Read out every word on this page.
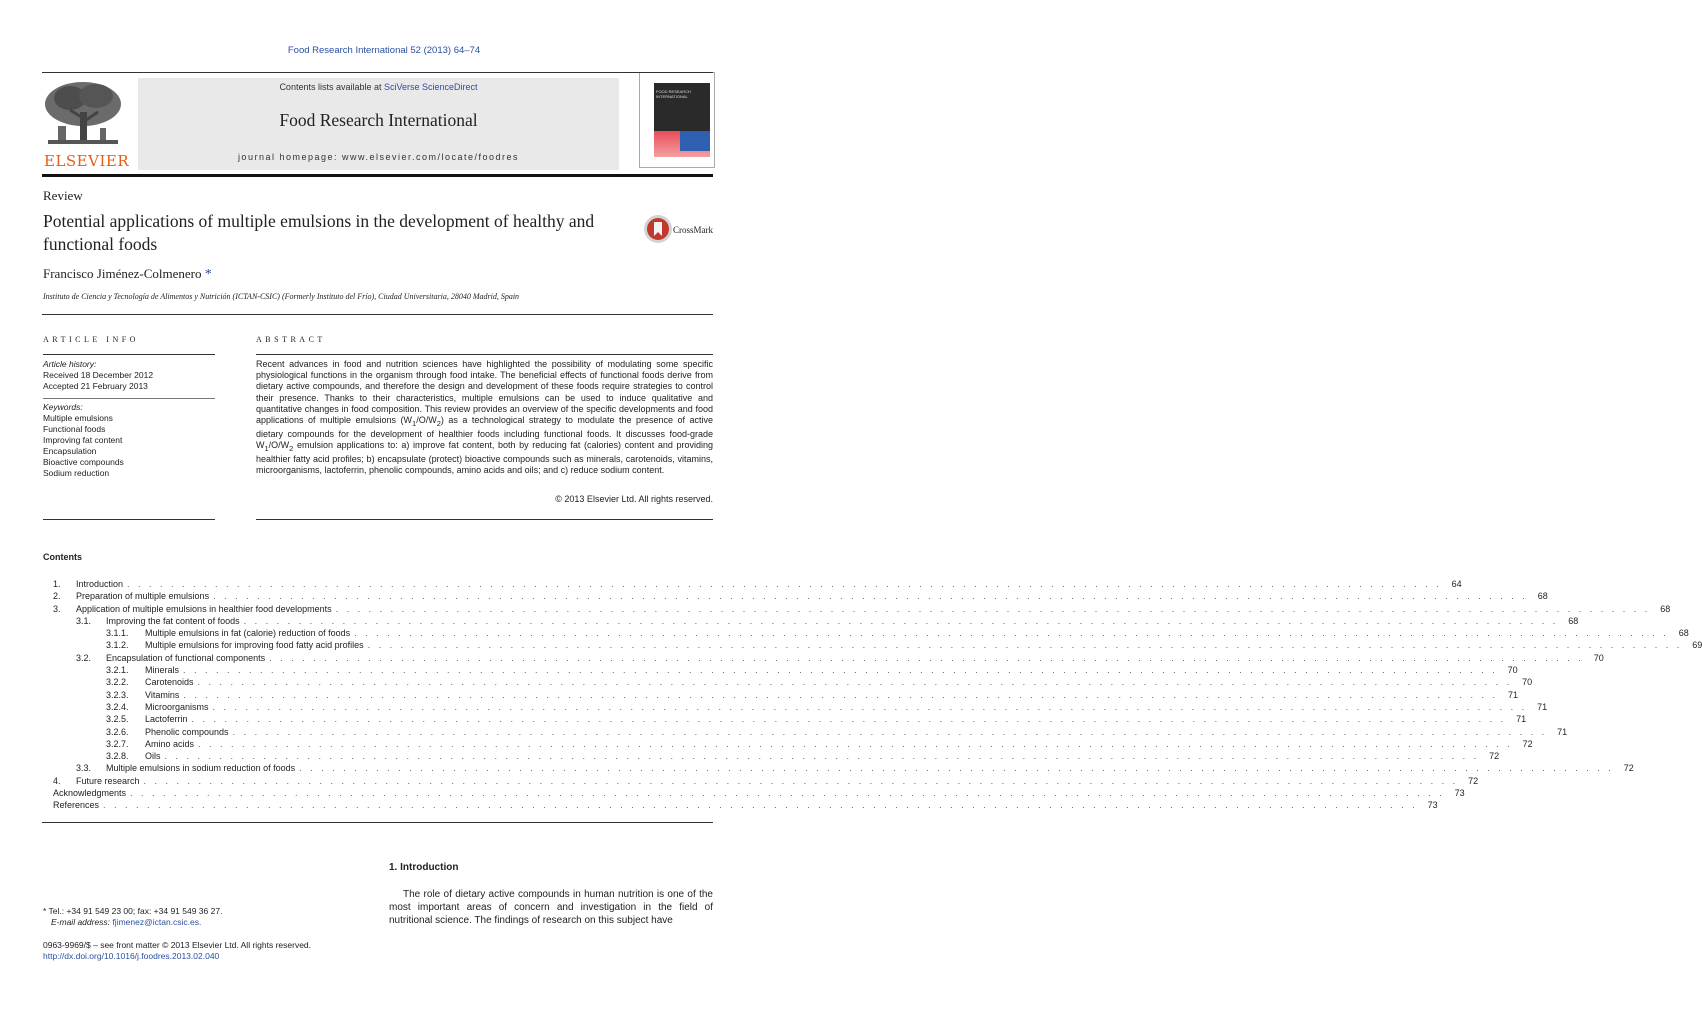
Food Research International 52 (2013) 64–74
ELSEVIER
Contents lists available at SciVerse ScienceDirect
Food Research International
journal homepage: www.elsevier.com/locate/foodres
FOOD RESEARCH INTERNATIONAL
Review
Potential applications of multiple emulsions in the development of healthy and functional foods
CrossMark
Francisco Jiménez-Colmenero *
Instituto de Ciencia y Tecnología de Alimentos y Nutrición (ICTAN-CSIC) (Formerly Instituto del Frío), Ciudad Universitaria, 28040 Madrid, Spain
ARTICLE INFO
Article history:
Received 18 December 2012
Accepted 21 February 2013
Keywords:
Multiple emulsions
Functional foods
Improving fat content
Encapsulation
Bioactive compounds
Sodium reduction
ABSTRACT
Recent advances in food and nutrition sciences have highlighted the possibility of modulating some specific physiological functions in the organism through food intake. The beneficial effects of functional foods derive from dietary active compounds, and therefore the design and development of these foods require strategies to control their presence. Thanks to their characteristics, multiple emulsions can be used to induce qualitative and quantitative changes in food composition. This review provides an overview of the specific developments and food applications of multiple emulsions $(W_1/O/W_2)$ as a technological strategy to modulate the presence of active dietary compounds for the development of healthier foods including functional foods. It discusses food-grade $W_1/O/W_2$ emulsion applications to: a) improve fat content, both by reducing fat (calories) content and providing healthier fatty acid profiles; b) encapsulate (protect) bioactive compounds such as minerals, carotenoids, vitamins, microorganisms, lactoferrin, phenolic compounds, amino acids and oils; and c) reduce sodium content.
© 2013 Elsevier Ltd. All rights reserved.
Contents
1.	Introduction . . . . . . . . . . . . . . . . . . . . . . . . . . . . . . . . . . . . . . . . . . . . . . . . . . . . . . . . . . . . . . . . . . . . . . . . . . . . . . . . . . . . . . . . . . . . . . . . . . . . . . . . . . . . . . . . . . . . . . . .	64
2.	Preparation of multiple emulsions . . . . . . . . . . . . . . . . . . . . . . . . . . . . . . . . . . . . . . . . . . . . . . . . . . . . . . . . . . . . . . . . . . . . . . . . . . . . . . . . . . . . . . . . . . . . . . . . . . . . . . . . . . . . . . . . . . . . . . . .	68
3.	Application of multiple emulsions in healthier food developments . . . . . . . . . . . . . . . . . . . . . . . . . . . . . . . . . . . . . . . . . . . . . . . . . . . . . . . . . . . . . . . . . . . . . . . . . . . . . . . . . . . . . . . . . . . . . . . . . . . . . . . . . . . . . . . . . . . . . . . .	68
3.1.	Improving the fat content of foods . . . . . . . . . . . . . . . . . . . . . . . . . . . . . . . . . . . . . . . . . . . . . . . . . . . . . . . . . . . . . . . . . . . . . . . . . . . . . . . . . . . . . . . . . . . . . . . . . . . . . . . . . . . . . . . . . . . . . . . .	68
3.1.1.	Multiple emulsions in fat (calorie) reduction of foods . . . . . . . . . . . . . . . . . . . . . . . . . . . . . . . . . . . . . . . . . . . . . . . . . . . . . . . . . . . . . . . . . . . . . . . . . . . . . . . . . . . . . . . . . . . . . . . . . . . . . . . . . . . . . . . . . . . . . . . .	68
3.1.2.	Multiple emulsions for improving food fatty acid profiles . . . . . . . . . . . . . . . . . . . . . . . . . . . . . . . . . . . . . . . . . . . . . . . . . . . . . . . . . . . . . . . . . . . . . . . . . . . . . . . . . . . . . . . . . . . . . . . . . . . . . . . . . . . . . . . . . . . . . . . .	69
3.2.	Encapsulation of functional components . . . . . . . . . . . . . . . . . . . . . . . . . . . . . . . . . . . . . . . . . . . . . . . . . . . . . . . . . . . . . . . . . . . . . . . . . . . . . . . . . . . . . . . . . . . . . . . . . . . . . . . . . . . . . . . . . . . . . . . .	70
3.2.1.	Minerals . . . . . . . . . . . . . . . . . . . . . . . . . . . . . . . . . . . . . . . . . . . . . . . . . . . . . . . . . . . . . . . . . . . . . . . . . . . . . . . . . . . . . . . . . . . . . . . . . . . . . . . . . . . . . . . . . . . . . . . .	70
3.2.2.	Carotenoids . . . . . . . . . . . . . . . . . . . . . . . . . . . . . . . . . . . . . . . . . . . . . . . . . . . . . . . . . . . . . . . . . . . . . . . . . . . . . . . . . . . . . . . . . . . . . . . . . . . . . . . . . . . . . . . . . . . . . . . .	70
3.2.3.	Vitamins . . . . . . . . . . . . . . . . . . . . . . . . . . . . . . . . . . . . . . . . . . . . . . . . . . . . . . . . . . . . . . . . . . . . . . . . . . . . . . . . . . . . . . . . . . . . . . . . . . . . . . . . . . . . . . . . . . . . . . . .	71
3.2.4.	Microorganisms . . . . . . . . . . . . . . . . . . . . . . . . . . . . . . . . . . . . . . . . . . . . . . . . . . . . . . . . . . . . . . . . . . . . . . . . . . . . . . . . . . . . . . . . . . . . . . . . . . . . . . . . . . . . . . . . . . . . . . . .	71
3.2.5.	Lactoferrin . . . . . . . . . . . . . . . . . . . . . . . . . . . . . . . . . . . . . . . . . . . . . . . . . . . . . . . . . . . . . . . . . . . . . . . . . . . . . . . . . . . . . . . . . . . . . . . . . . . . . . . . . . . . . . . . . . . . . . . .	71
3.2.6.	Phenolic compounds . . . . . . . . . . . . . . . . . . . . . . . . . . . . . . . . . . . . . . . . . . . . . . . . . . . . . . . . . . . . . . . . . . . . . . . . . . . . . . . . . . . . . . . . . . . . . . . . . . . . . . . . . . . . . . . . . . . . . . . .	71
3.2.7.	Amino acids . . . . . . . . . . . . . . . . . . . . . . . . . . . . . . . . . . . . . . . . . . . . . . . . . . . . . . . . . . . . . . . . . . . . . . . . . . . . . . . . . . . . . . . . . . . . . . . . . . . . . . . . . . . . . . . . . . . . . . . .	72
3.2.8.	Oils . . . . . . . . . . . . . . . . . . . . . . . . . . . . . . . . . . . . . . . . . . . . . . . . . . . . . . . . . . . . . . . . . . . . . . . . . . . . . . . . . . . . . . . . . . . . . . . . . . . . . . . . . . . . . . . . . . . . . . . .	72
3.3.	Multiple emulsions in sodium reduction of foods . . . . . . . . . . . . . . . . . . . . . . . . . . . . . . . . . . . . . . . . . . . . . . . . . . . . . . . . . . . . . . . . . . . . . . . . . . . . . . . . . . . . . . . . . . . . . . . . . . . . . . . . . . . . . . . . . . . . . . . .	72
4.	Future research . . . . . . . . . . . . . . . . . . . . . . . . . . . . . . . . . . . . . . . . . . . . . . . . . . . . . . . . . . . . . . . . . . . . . . . . . . . . . . . . . . . . . . . . . . . . . . . . . . . . . . . . . . . . . . . . . . . . . . . .	72
Acknowledgments . . . . . . . . . . . . . . . . . . . . . . . . . . . . . . . . . . . . . . . . . . . . . . . . . . . . . . . . . . . . . . . . . . . . . . . . . . . . . . . . . . . . . . . . . . . . . . . . . . . . . . . . . . . . . . . . . . . . . . . .	73
References . . . . . . . . . . . . . . . . . . . . . . . . . . . . . . . . . . . . . . . . . . . . . . . . . . . . . . . . . . . . . . . . . . . . . . . . . . . . . . . . . . . . . . . . . . . . . . . . . . . . . . . . . . . . . . . . . . . . . . . .	73
1. Introduction
The role of dietary active compounds in human nutrition is one of the most important areas of concern and investigation in the field of nutritional science. The findings of research on this subject have
* Tel.: +34 91 549 23 00; fax: +34 91 549 36 27.
E-mail address: fjimenez@ictan.csic.es.
0963-9969/$ – see front matter © 2013 Elsevier Ltd. All rights reserved.
http://dx.doi.org/10.1016/j.foodres.2013.02.040
